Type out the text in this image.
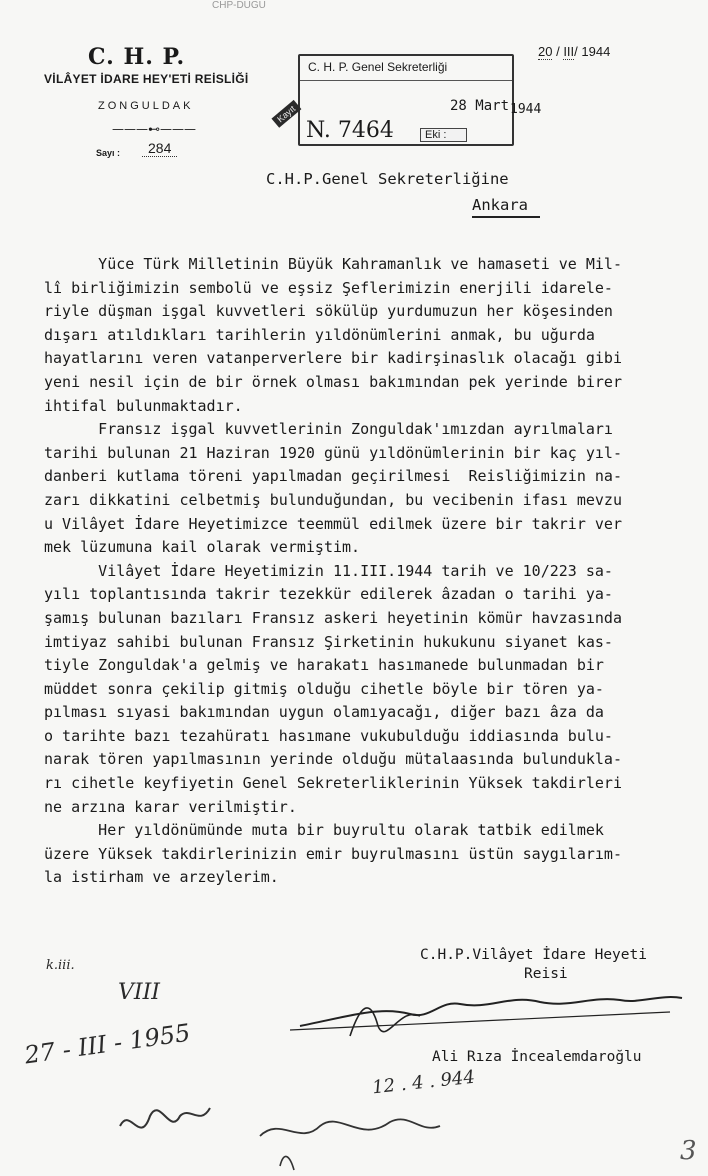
CHP-DUGU
C. H. P.
VİLÂYET İDARE HEY'ETİ REİSLİĞİ
ZONGULDAK
———⊷———
Sayı :	284
20 / III/ 1944
C. H. P. Genel Sekreterliği
28 Mart
N. 7464	Eki :
1944
Kayıt
C.H.P.Genel Sekreterliğine
Ankara
Yüce Türk Milletinin Büyük Kahramanlık ve hamaseti ve Mil-
lî birliğimizin sembolü ve eşsiz Şeflerimizin enerjili idarele-
riyle düşman işgal kuvvetleri sökülüp yurdumuzun her köşesinden
dışarı atıldıkları tarihlerin yıldönümlerini anmak, bu uğurda
hayatlarını veren vatanperverlere bir kadirşinaslık olacağı gibi
yeni nesil için de bir örnek olması bakımından pek yerinde birer
ihtifal bulunmaktadır.
Fransız işgal kuvvetlerinin Zonguldak'ımızdan ayrılmaları
tarihi bulunan 21 Haziran 1920 günü yıldönümlerinin bir kaç yıl-
danberi kutlama töreni yapılmadan geçirilmesi  Reisliğimizin na-
zarı dikkatini celbetmiş bulunduğundan, bu vecibenin ifası mevzu
u Vilâyet İdare Heyetimizce teemmül edilmek üzere bir takrir ver
mek lüzumuna kail olarak vermiştim.
Vilâyet İdare Heyetimizin 11.III.1944 tarih ve 10/223 sa-
yılı toplantısında takrir tezekkür edilerek âzadan o tarihi ya-
şamış bulunan bazıları Fransız askeri heyetinin kömür havzasında
imtiyaz sahibi bulunan Fransız Şirketinin hukukunu siyanet kas-
tiyle Zonguldak'a gelmiş ve harakatı hasımanede bulunmadan bir
müddet sonra çekilip gitmiş olduğu cihetle böyle bir tören ya-
pılması sıyasi bakımından uygun olamıyacağı, diğer bazı âza da
o tarihte bazı tezahüratı hasımane vukubulduğu iddiasında bulu-
narak tören yapılmasının yerinde olduğu mütalaasında bulundukla-
rı cihetle keyfiyetin Genel Sekreterliklerinin Yüksek takdirleri
ne arzına karar verilmiştir.
Her yıldönümünde muta bir buyrultu olarak tatbik edilmek
üzere Yüksek takdirlerinizin emir buyrulmasını üstün saygılarım-
la istirham ve arzeylerim.
C.H.P.Vilâyet İdare Heyeti
Reisi
Ali Rıza İncealemdaroğlu
k.iii.
VIII
27 - III - 1955
12 . 4 . 944
3
